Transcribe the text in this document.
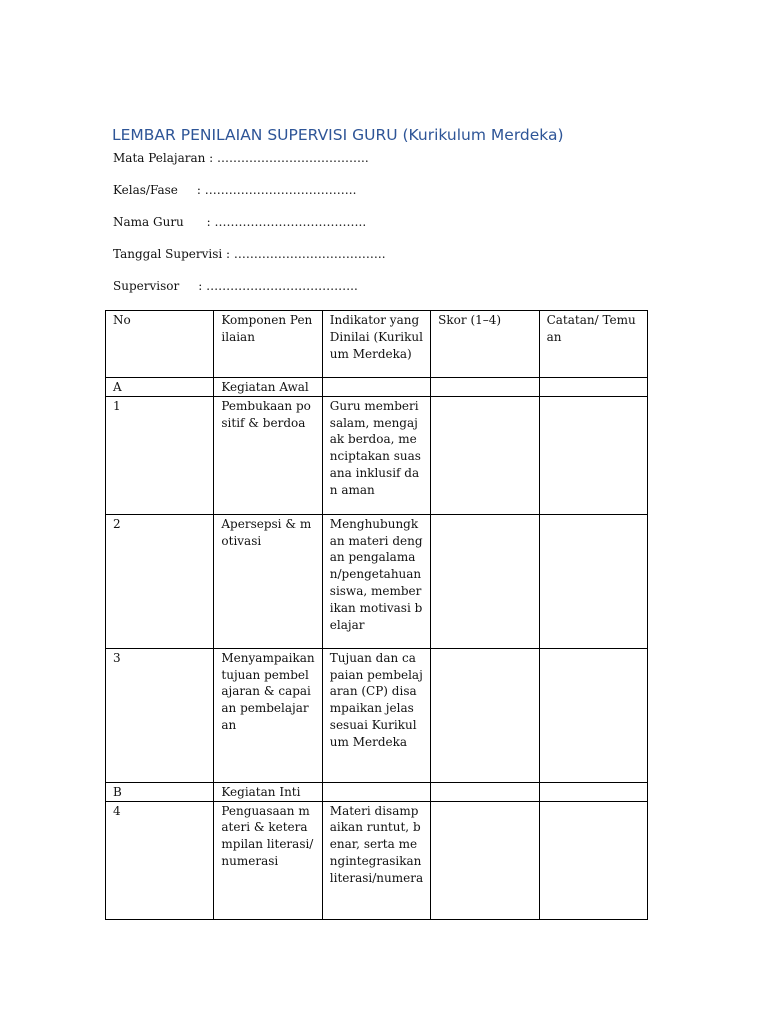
LEMBAR PENILAIAN SUPERVISI GURU (Kurikulum Merdeka)
Mata Pelajaran : ………………………………..
Kelas/Fase     : ………………………………..
Nama Guru      : ………………………………..
Tanggal Supervisi : ………………………………..
Supervisor     : ………………………………..
No	Komponen Penilaian	Indikator yang Dinilai (Kurikulum Merdeka)	Skor (1–4)	Catatan/ Temuan
A	Kegiatan Awal			
1	Pembukaan positif & berdoa	Guru memberi salam, mengajak berdoa, menciptakan suasana inklusif dan aman		
2	Apersepsi & motivasi	Menghubungkan materi dengan pengalaman/pengetahuan siswa, memberikan motivasi belajar		
3	Menyampaikan tujuan pembelajaran & capaian pembelajaran	Tujuan dan capaian pembelajaran (CP) disampaikan jelas sesuai Kurikulum Merdeka		
B	Kegiatan Inti			
4	Penguasaan materi & keterampilan literasi/numerasi	Materi disampaikan runtut, benar, serta mengintegrasikan literasi/numera		
